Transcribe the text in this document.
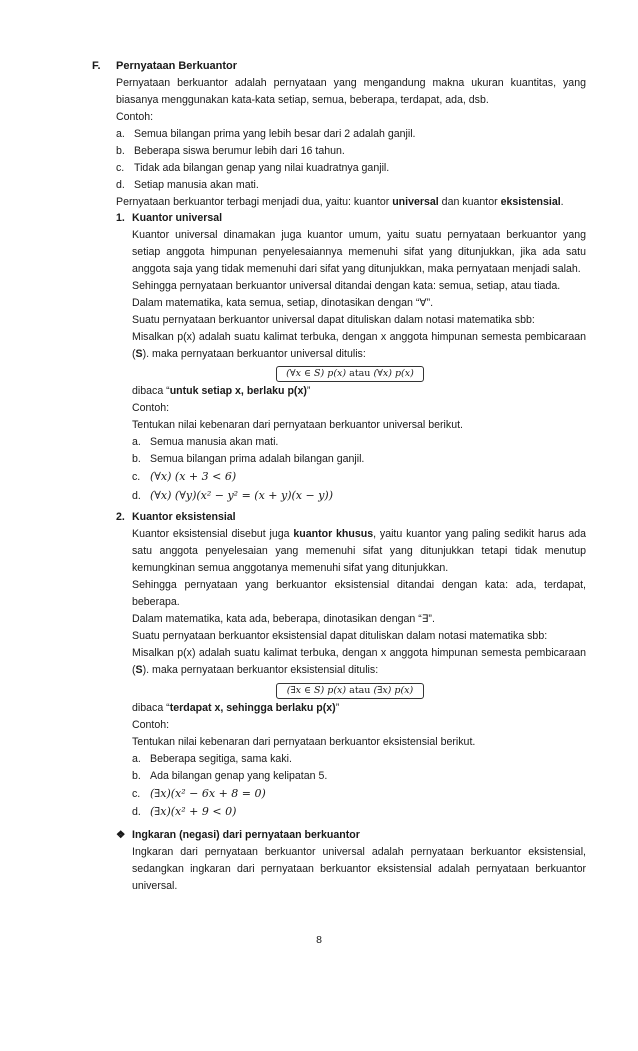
F. Pernyataan Berkuantor
Pernyataan berkuantor adalah pernyataan yang mengandung makna ukuran kuantitas, yang biasanya menggunakan kata-kata setiap, semua, beberapa, terdapat, ada, dsb.
Contoh:
a. Semua bilangan prima yang lebih besar dari 2 adalah ganjil.
b. Beberapa siswa berumur lebih dari 16 tahun.
c. Tidak ada bilangan genap yang nilai kuadratnya ganjil.
d. Setiap manusia akan mati.
Pernyataan berkuantor terbagi menjadi dua, yaitu: kuantor universal dan kuantor eksistensial.
1. Kuantor universal
Kuantor universal dinamakan juga kuantor umum, yaitu suatu pernyataan berkuantor yang setiap anggota himpunan penyelesaiannya memenuhi sifat yang ditunjukkan, jika ada satu anggota saja yang tidak memenuhi dari sifat yang ditunjukkan, maka pernyataan menjadi salah.
Sehingga pernyataan berkuantor universal ditandai dengan kata: semua, setiap, atau tiada.
Dalam matematika, kata semua, setiap, dinotasikan dengan “∀”.
Suatu pernyataan berkuantor universal dapat dituliskan dalam notasi matematika sbb:
Misalkan p(x) adalah suatu kalimat terbuka, dengan x anggota himpunan semesta pembicaraan (S). maka pernyataan berkuantor universal ditulis:
(∀x ∈ S) p(x) atau (∀x) p(x)
dibaca “untuk setiap x, berlaku p(x)”
Contoh:
Tentukan nilai kebenaran dari pernyataan berkuantor universal berikut.
a. Semua manusia akan mati.
b. Semua bilangan prima adalah bilangan ganjil.
c. (∀x) (x + 3 < 6)
d. (∀x) (∀y)(x² − y² = (x + y)(x − y))
2. Kuantor eksistensial
Kuantor eksistensial disebut juga kuantor khusus, yaitu kuantor yang paling sedikit harus ada satu anggota penyelesaian yang memenuhi sifat yang ditunjukkan tetapi tidak menutup kemungkinan semua anggotanya memenuhi sifat yang ditunjukkan.
Sehingga pernyataan yang berkuantor eksistensial ditandai dengan kata: ada, terdapat, beberapa.
Dalam matematika, kata ada, beberapa, dinotasikan dengan “∃”.
Suatu pernyataan berkuantor eksistensial dapat dituliskan dalam notasi matematika sbb:
Misalkan p(x) adalah suatu kalimat terbuka, dengan x anggota himpunan semesta pembicaraan (S). maka pernyataan berkuantor eksistensial ditulis:
(∃x ∈ S) p(x) atau (∃x) p(x)
dibaca “terdapat x, sehingga berlaku p(x)”
Contoh:
Tentukan nilai kebenaran dari pernyataan berkuantor eksistensial berikut.
a. Beberapa segitiga, sama kaki.
b. Ada bilangan genap yang kelipatan 5.
c. (∃x)(x² − 6x + 8 = 0)
d. (∃x)(x² + 9 < 0)
❖ Ingkaran (negasi) dari pernyataan berkuantor
Ingkaran dari pernyataan berkuantor universal adalah pernyataan berkuantor eksistensial, sedangkan ingkaran dari pernyataan berkuantor eksistensial adalah pernyataan berkuantor universal.
8
